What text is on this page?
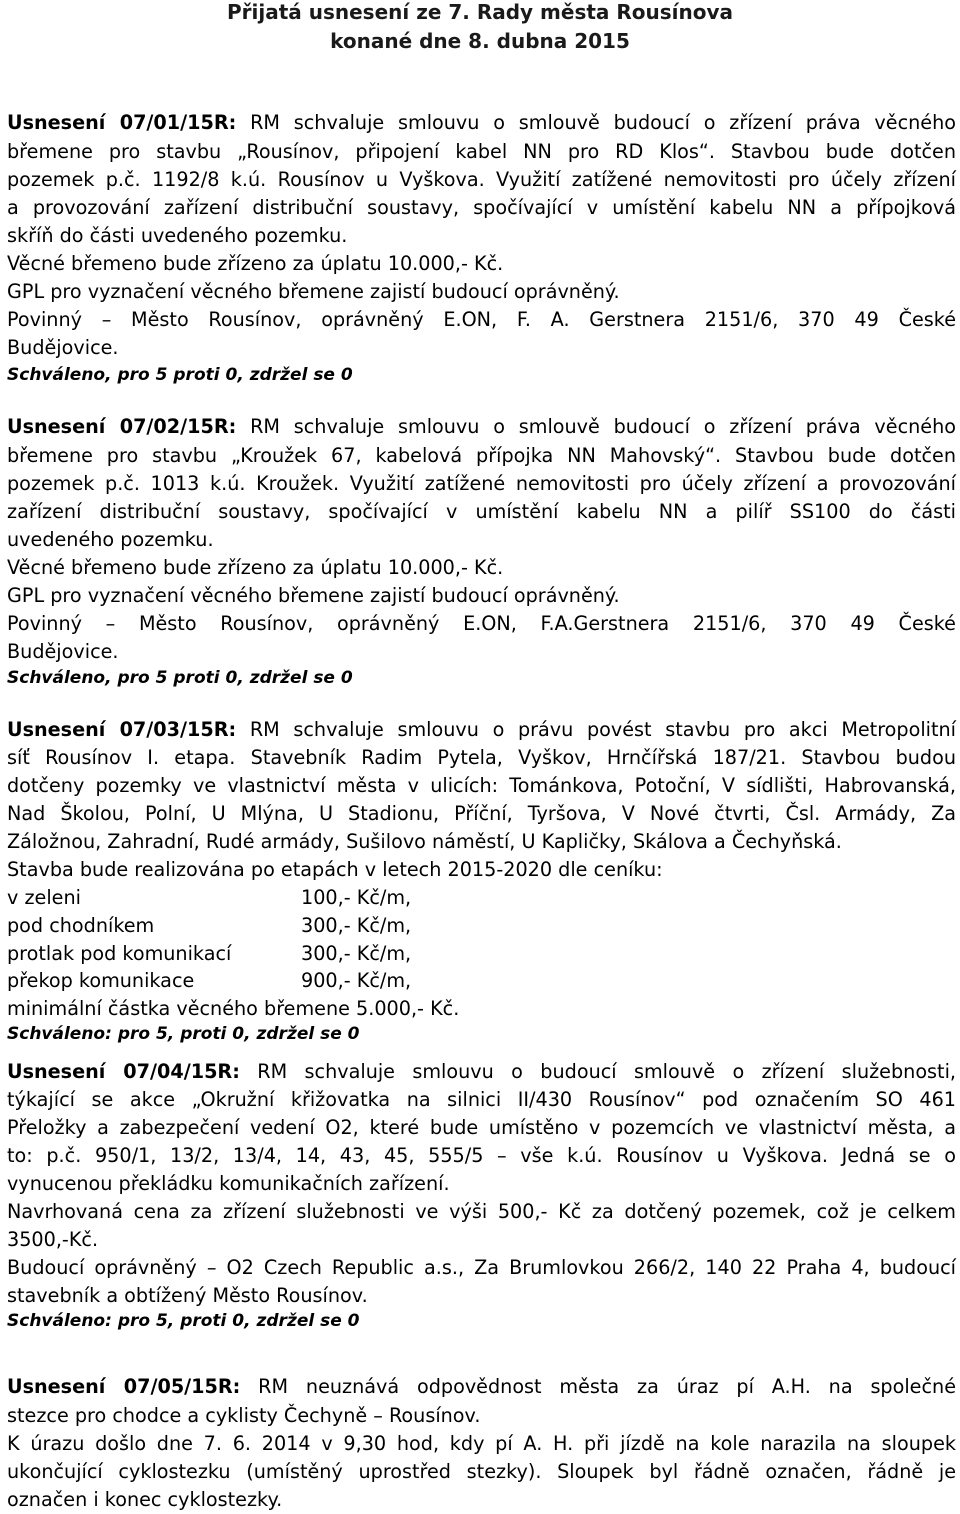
Přijatá usnesení ze 7. Rady města Rousínova
konané dne 8. dubna 2015
Usnesení 07/01/15R: RM schvaluje smlouvu o smlouvě budoucí o zřízení práva věcného
břemene pro stavbu „Rousínov, připojení kabel NN pro RD Klos“. Stavbou bude dotčen
pozemek p.č. 1192/8 k.ú. Rousínov u Vyškova. Využití zatížené nemovitosti pro účely zřízení
a provozování zařízení distribuční soustavy, spočívající v umístění kabelu NN a přípojková
skříň do části uvedeného pozemku.
Věcné břemeno bude zřízeno za úplatu 10.000,- Kč.
GPL pro vyznačení věcného břemene zajistí budoucí oprávněný.
Povinný – Město Rousínov, oprávněný E.ON, F. A. Gerstnera 2151/6, 370 49 České
Budějovice.
Schváleno, pro 5 proti 0, zdržel se 0
Usnesení 07/02/15R: RM schvaluje smlouvu o smlouvě budoucí o zřízení práva věcného
břemene pro stavbu „Kroužek 67, kabelová přípojka NN Mahovský“. Stavbou bude dotčen
pozemek p.č. 1013 k.ú. Kroužek. Využití zatížené nemovitosti pro účely zřízení a provozování
zařízení distribuční soustavy, spočívající v umístění kabelu NN a pilíř SS100 do části
uvedeného pozemku.
Věcné břemeno bude zřízeno za úplatu 10.000,- Kč.
GPL pro vyznačení věcného břemene zajistí budoucí oprávněný.
Povinný – Město Rousínov, oprávněný E.ON, F.A.Gerstnera 2151/6, 370 49 České
Budějovice.
Schváleno, pro 5 proti 0, zdržel se 0
Usnesení 07/03/15R: RM schvaluje smlouvu o právu povést stavbu pro akci Metropolitní
síť Rousínov I. etapa. Stavebník Radim Pytela, Vyškov, Hrnčířská 187/21. Stavbou budou
dotčeny pozemky ve vlastnictví města v ulicích: Tománkova, Potoční, V sídlišti, Habrovanská,
Nad Školou, Polní, U Mlýna, U Stadionu, Příční, Tyršova, V Nové čtvrti, Čsl. Armády, Za
Záložnou, Zahradní, Rudé armády, Sušilovo náměstí, U Kapličky, Skálova a Čechyňská.
Stavba bude realizována po etapách v letech 2015-2020 dle ceníku:
v zeleni	100,- Kč/m,
pod chodníkem	300,- Kč/m,
protlak pod komunikací	300,- Kč/m,
překop komunikace	900,- Kč/m,
minimální částka věcného břemene 5.000,- Kč.
Schváleno: pro 5, proti 0, zdržel se 0
Usnesení 07/04/15R: RM schvaluje smlouvu o budoucí smlouvě o zřízení služebnosti,
týkající se akce „Okružní křižovatka na silnici II/430 Rousínov“ pod označením SO 461
Přeložky a zabezpečení vedení O2, které bude umístěno v pozemcích ve vlastnictví města, a
to: p.č. 950/1, 13/2, 13/4, 14, 43, 45, 555/5 – vše k.ú. Rousínov u Vyškova. Jedná se o
vynucenou překládku komunikačních zařízení.
Navrhovaná cena za zřízení služebnosti ve výši 500,- Kč za dotčený pozemek, což je celkem
3500,-Kč.
Budoucí oprávněný – O2 Czech Republic a.s., Za Brumlovkou 266/2, 140 22 Praha 4, budoucí
stavebník a obtížený Město Rousínov.
Schváleno: pro 5, proti 0, zdržel se 0
Usnesení 07/05/15R: RM neuznává odpovědnost města za úraz pí A.H. na společné
stezce pro chodce a cyklisty Čechyně – Rousínov.
K úrazu došlo dne 7. 6. 2014 v 9,30 hod, kdy pí A. H. při jízdě na kole narazila na sloupek
ukončující cyklostezku (umístěný uprostřed stezky). Sloupek byl řádně označen, řádně je
označen i konec cyklostezky.
